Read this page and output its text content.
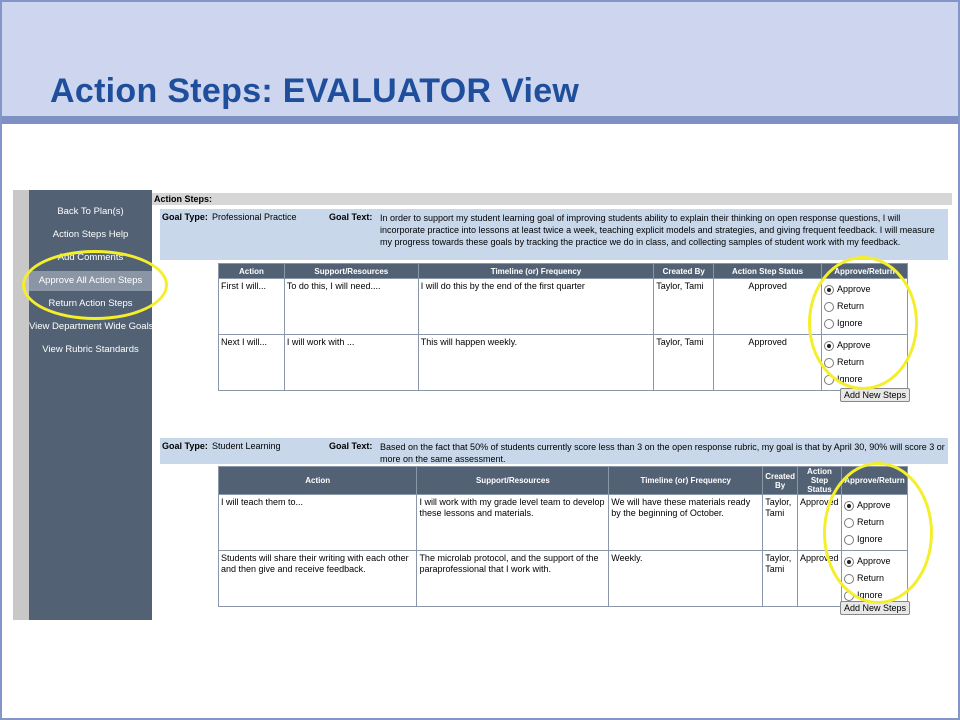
Action Steps: EVALUATOR View
Back To Plan(s)
Action Steps Help
Add Comments
Approve All Action Steps
Return Action Steps
View Department Wide Goals
View Rubric Standards
Action Steps:
Goal Type: Professional Practice	Goal Text: In order to support my student learning goal of improving students ability to explain their thinking on open response questions, I will incorporate practice into lessons at least twice a week, teaching explicit models and strategies, and giving frequent feedback. I will measure my progress towards these goals by tracking the practice we do in class, and collecting samples of student work with my feedback.
Action	Support/Resources	Timeline (or) Frequency	Created By	Action Step Status	Approve/Return
First I will...	To do this, I will need....	I will do this by the end of the first quarter	Taylor, Tami	Approved	Approve
Return
Ignore

Next I will...	I will work with ...	This will happen weekly.	Taylor, Tami	Approved	Approve
Return
Ignore
Add New Steps
Goal Type: Student Learning	Goal Text: Based on the fact that 50% of students currently score less than 3 on the open response rubric, my goal is that by April 30, 90% will score 3 or more on the same assessment.
Action	Support/Resources	Timeline (or) Frequency	Created By	Action Step Status	Approve/Return
I will teach them to...	I will work with my grade level team to develop these lessons and materials.	We will have these materials ready by the beginning of October.	Taylor, Tami	Approved	Approve
Return
Ignore

Students will share their writing with each other and then give and receive feedback.	The microlab protocol, and the support of the paraprofessional that I work with.	Weekly.	Taylor, Tami	Approved	Approve
Return
Ignore
Add New Steps
